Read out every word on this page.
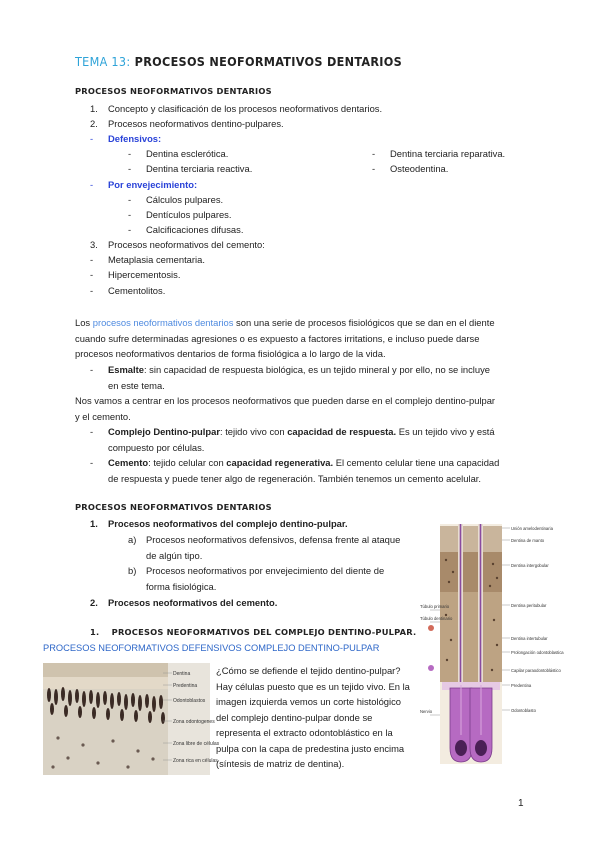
TEMA 13: PROCESOS NEOFORMATIVOS DENTARIOS
PROCESOS NEOFORMATIVOS DENTARIOS
1. Concepto y clasificación de los procesos neoformativos dentarios.
2. Procesos neoformativos dentino-pulpares.
- Defensivos:
- Dentina esclerótica.
- Dentina terciaria reactiva.
- Dentina terciaria reparativa.
- Osteodentina.
- Por envejecimiento:
- Cálculos pulpares.
- Dentículos pulpares.
- Calcificaciones difusas.
3. Procesos neoformativos del cemento:
- Metaplasia cementaria.
- Hipercementosis.
- Cementolitos.
Los procesos neoformativos dentarios son una serie de procesos fisiológicos que se dan en el diente
cuando sufre determinadas agresiones o es expuesto a factores irritations, e incluso puede darse
procesos neoformativos dentarios de forma fisiológica a lo largo de la vida.
- Esmalte: sin capacidad de respuesta biológica, es un tejido mineral y por ello, no se incluye
en este tema.
Nos vamos a centrar en los procesos neoformativos que pueden darse en el complejo dentino-pulpar
y el cemento.
- Complejo Dentino-pulpar: tejido vivo con capacidad de respuesta. Es un tejido vivo y está
compuesto por células.
- Cemento: tejido celular con capacidad regenerativa. El cemento celular tiene una capacidad
de respuesta y puede tener algo de regeneración. También tenemos un cemento acelular.
PROCESOS NEOFORMATIVOS DENTARIOS
1. Procesos neoformativos del complejo dentino-pulpar.
a) Procesos neoformativos defensivos, defensa frente al ataque
de algún tipo.
b) Procesos neoformativos por envejecimiento del diente de
forma fisiológica.
2. Procesos neoformativos del cemento.
1.    PROCESOS NEOFORMATIVOS DEL COMPLEJO DENTINO-PULPAR.
PROCESOS NEOFORMATIVOS DEFENSIVOS COMPLEJO DENTINO-PULPAR
¿Cómo se defiende el tejido dentino-pulpar?
Hay células puesto que es un tejido vivo. En la
imagen izquierda vemos un corte histológico
del complejo dentino-pulpar donde se
representa el extracto odontoblástico en la
pulpa con la capa de predestina justo encima
(síntesis de matriz de dentina).
Dentina
Predentina
Odontoblastos
Zona odontogenes
Zona libre de células
Zona rica en células
Unión amelodentinaria
Dentina de manto
Dentina intergobular
Túbulo primario
Túbulo dentinario
Dentina peritubular
Dentina intertubular
Prolongación odontoblastica
Capilar paraodontoblástico
Predentina
Nervio	Odontoblasto
1
